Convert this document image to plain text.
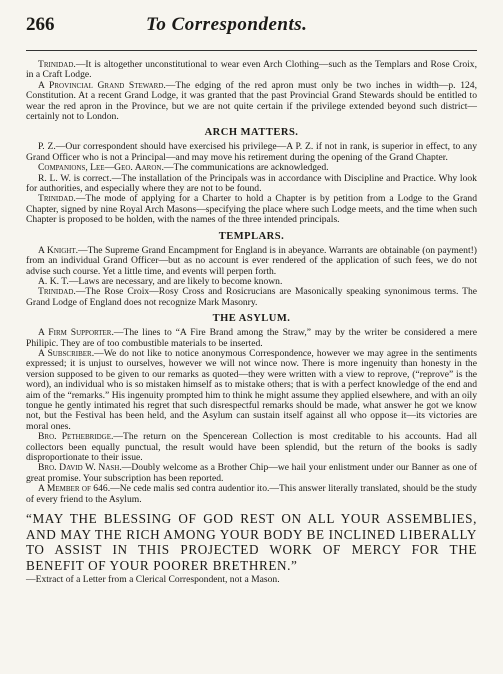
266	To Correspondents.

Trinidad.—It is altogether unconstitutional to wear even Arch Clothing—such as the Templars and Rose Croix, in a Craft Lodge.

A Provincial Grand Steward.—The edging of the red apron must only be two inches in width—p. 124, Constitution. At a recent Grand Lodge, it was granted that the past Provincial Grand Stewards should be entitled to wear the red apron in the Province, but we are not quite certain if the privilege extended beyond such district—certainly not to London.

ARCH MATTERS.

P. Z.—Our correspondent should have exercised his privilege—A P. Z. if not in rank, is superior in effect, to any Grand Officer who is not a Principal—and may move his retirement during the opening of the Grand Chapter.

Companions, Lee—Geo. Aaron.—The communications are acknowledged.

R. L. W. is correct.—The installation of the Principals was in accordance with Discipline and Practice. Why look for authorities, and especially where they are not to be found.

Trinidad.—The mode of applying for a Charter to hold a Chapter is by petition from a Lodge to the Grand Chapter, signed by nine Royal Arch Masons—specifying the place where such Lodge meets, and the time when such Chapter is proposed to be holden, with the names of the three intended principals.

TEMPLARS.

A Knight.—The Supreme Grand Encampment for England is in abeyance. Warrants are obtainable (on payment!) from an individual Grand Officer—but as no account is ever rendered of the application of such fees, we do not advise such course. Yet a little time, and events will perpen forth.

A. K. T.—Laws are necessary, and are likely to become known.

Trinidad.—The Rose Croix—Rosy Cross and Rosicrucians are Masonically speaking synonimous terms. The Grand Lodge of England does not recognize Mark Masonry.

THE ASYLUM.

A Firm Supporter.—The lines to “A Fire Brand among the Straw,” may by the writer be considered a mere Philipic. They are of too combustible materials to be inserted.

A Subscriber.—We do not like to notice anonymous Correspondence, however we may agree in the sentiments expressed; it is unjust to ourselves, however we will not wince now. There is more ingenuity than honesty in the version supposed to be given to our remarks as quoted—they were written with a view to reprove, (“reprove” is the word), an individual who is so mistaken himself as to mistake others; that is with a perfect knowledge of the end and aim of the “remarks.” His ingenuity prompted him to think he might assume they applied elsewhere, and with an oily tongue he gently intimated his regret that such disrespectful remarks should be made, what answer he got we know not, but the Festival has been held, and the Asylum can sustain itself against all who oppose it—its victories are moral ones.

Bro. Pethebridge.—The return on the Spencerean Collection is most creditable to his accounts. Had all collectors been equally punctual, the result would have been splendid, but the return of the books is sadly disproportionate to their issue.

Bro. David W. Nash.—Doubly welcome as a Brother Chip—we hail your enlistment under our Banner as one of great promise. Your subscription has been reported.

A Member of 646.—Ne cede malis sed contra audentior ito.—This answer literally translated, should be the study of every friend to the Asylum.

“MAY THE BLESSING OF GOD REST ON ALL YOUR ASSEMBLIES, AND MAY THE RICH AMONG YOUR BODY BE INCLINED LIBERALLY TO ASSIST IN THIS PROJECTED WORK OF MERCY FOR THE BENEFIT OF YOUR POORER BRETHREN.”

—Extract of a Letter from a Clerical Correspondent, not a Mason.
